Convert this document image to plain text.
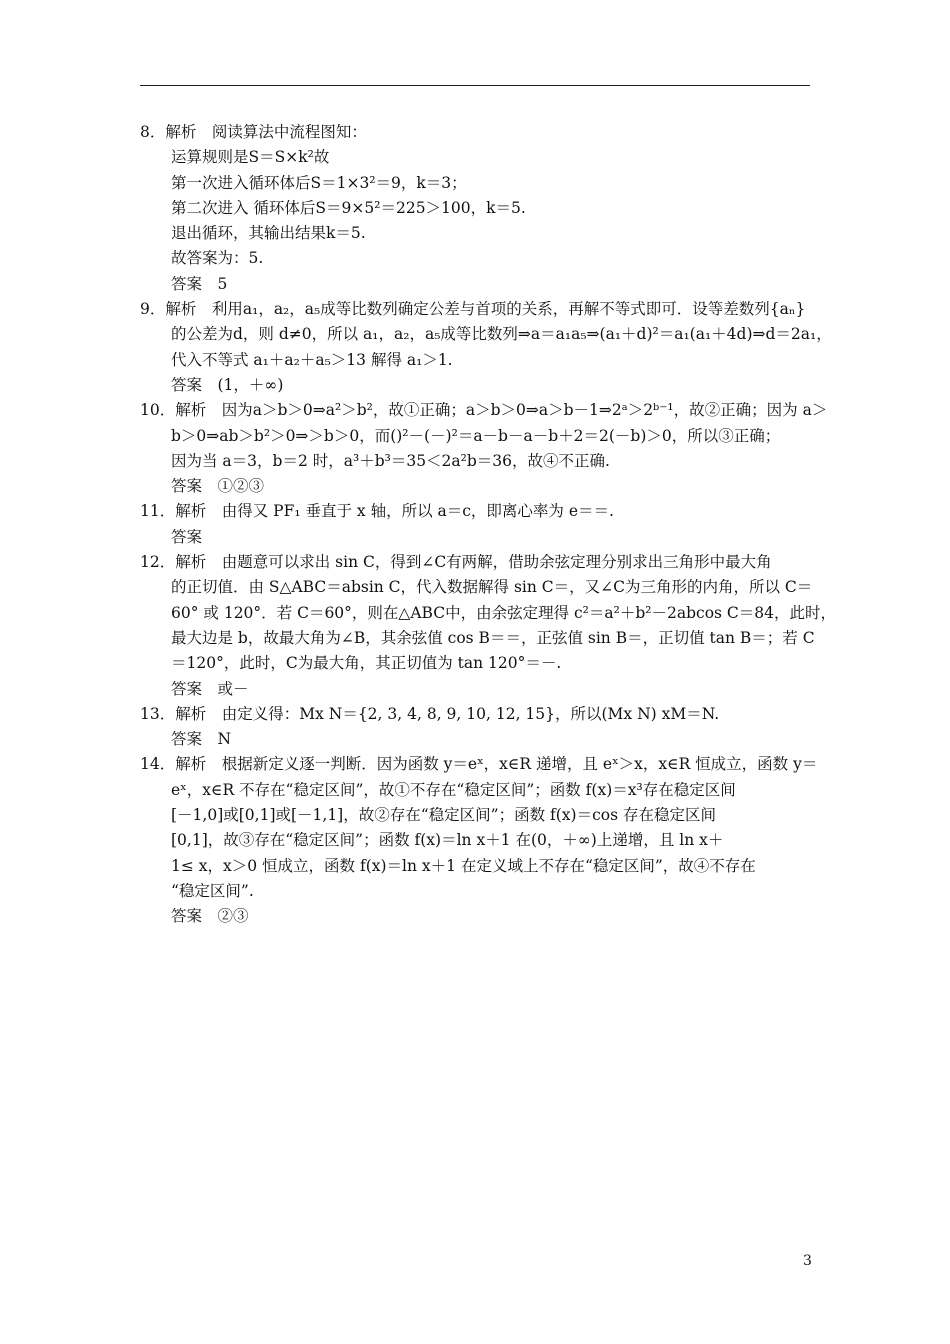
8．解析　阅读算法中流程图知：
运算规则是S＝S×k²故
第一次进入循环体后S＝1×3²＝9，k＝3；
第二次进入 循环体后S＝9×5²＝225＞100，k＝5.
退出循环，其输出结果k＝5.
故答案为：5.
答案　5
9．解析　利用a₁，a₂，a₅成等比数列确定公差与首项的关系，再解不等式即可．设等差数列{aₙ}
的公差为d，则 d≠0，所以 a₁，a₂，a₅成等比数列⇒a＝a₁a₅⇒(a₁＋d)²＝a₁(a₁＋4d)⇒d＝2a₁，
代入不等式 a₁＋a₂＋a₅＞13 解得 a₁＞1.
答案　(1，＋∞)
10．解析　因为a＞b＞0⇒a²＞b²，故①正确；a＞b＞0⇒a＞b－1⇒2ᵃ＞2ᵇ⁻¹，故②正确；因为 a＞
b＞0⇒ab＞b²＞0⇒＞b＞0，而()²－(－)²＝a－b－a－b＋2＝2(－b)＞0，所以③正确；
因为当 a＝3，b＝2 时，a³＋b³＝35＜2a²b＝36，故④不正确.
答案　①②③
11．解析　由得又 PF₁ 垂直于 x 轴，所以 a＝c，即离心率为 e＝＝.
答案
12．解析　由题意可以求出 sin C，得到∠C有两解，借助余弦定理分别求出三角形中最大角
的正切值．由 S△ABC＝absin C，代入数据解得 sin C＝，又∠C为三角形的内角，所以 C＝
60° 或 120°．若 C＝60°，则在△ABC中，由余弦定理得 c²＝a²＋b²－2abcos C＝84，此时，
最大边是 b，故最大角为∠B，其余弦值 cos B＝＝，正弦值 sin B＝，正切值 tan B＝；若 C
＝120°，此时，C为最大角，其正切值为 tan 120°＝－.
答案　或－
13．解析　由定义得：Mx N＝{2, 3, 4, 8, 9, 10, 12, 15}，所以(Mx N) xM＝N.
答案　N
14．解析　根据新定义逐一判断．因为函数 y＝eˣ，x∈R 递增，且 eˣ＞x，x∈R 恒成立，函数 y＝
eˣ，x∈R 不存在“稳定区间”，故①不存在“稳定区间”；函数 f(x)＝x³存在稳定区间
[－1,0]或[0,1]或[－1,1]，故②存在“稳定区间”；函数 f(x)＝cos 存在稳定区间
[0,1]，故③存在“稳定区间”；函数 f(x)＝ln x＋1 在(0，＋∞)上递增，且 ln x＋
1≤ x，x＞0 恒成立，函数 f(x)＝ln x＋1 在定义域上不存在“稳定区间”，故④不存在
“稳定区间”.
答案　②③
3
